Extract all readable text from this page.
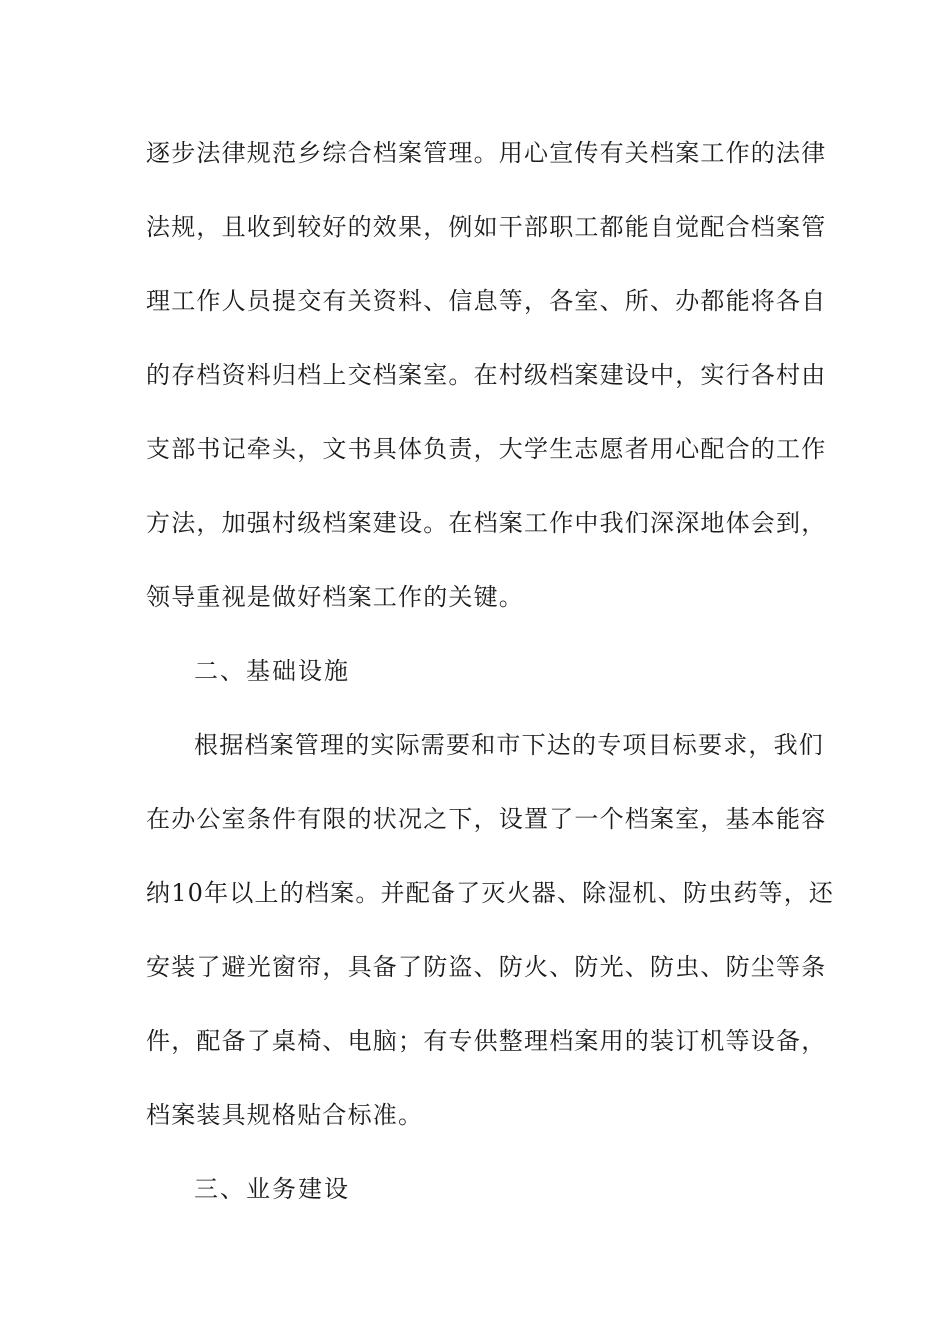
逐步法律规范乡综合档案管理。用心宣传有关档案工作的法律
法规，且收到较好的效果，例如干部职工都能自觉配合档案管
理工作人员提交有关资料、信息等，各室、所、办都能将各自
的存档资料归档上交档案室。在村级档案建设中，实行各村由
支部书记牵头，文书具体负责，大学生志愿者用心配合的工作
方法，加强村级档案建设。在档案工作中我们深深地体会到，
领导重视是做好档案工作的关键。
二、基础设施
根据档案管理的实际需要和市下达的专项目标要求，我们
在办公室条件有限的状况之下，设置了一个档案室，基本能容
纳10年以上的档案。并配备了灭火器、除湿机、防虫药等，还
安装了避光窗帘，具备了防盗、防火、防光、防虫、防尘等条
件，配备了桌椅、电脑；有专供整理档案用的装订机等设备，
档案装具规格贴合标准。
三、业务建设
